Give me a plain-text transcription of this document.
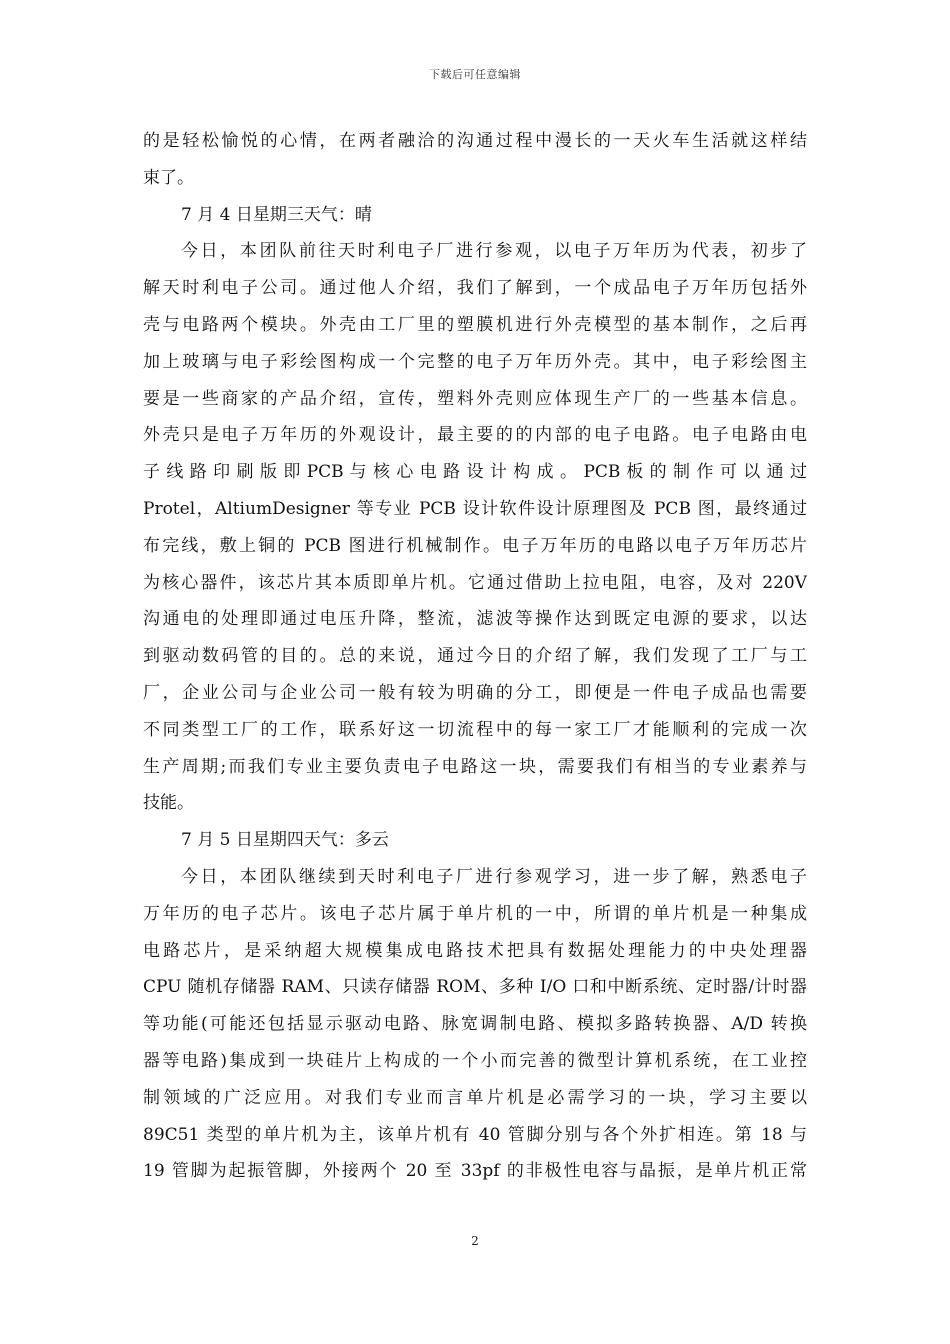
下载后可任意编辑
的是轻松愉悦的心情，在两者融洽的沟通过程中漫长的一天火车生活就这样结
束了。
7 月 4 日星期三天气：晴
今日，本团队前往天时利电子厂进行参观，以电子万年历为代表，初步了
解天时利电子公司。通过他人介绍，我们了解到，一个成品电子万年历包括外
壳与电路两个模块。外壳由工厂里的塑膜机进行外壳模型的基本制作，之后再
加上玻璃与电子彩绘图构成一个完整的电子万年历外壳。其中，电子彩绘图主
要是一些商家的产品介绍，宣传，塑料外壳则应体现生产厂的一些基本信息。
外壳只是电子万年历的外观设计，最主要的的内部的电子电路。电子电路由电
子 线 路 印 刷 版 即 PCB 与 核 心 电 路 设 计 构 成 。 PCB 板 的 制 作 可 以 通 过
Protel，AltiumDesigner 等专业 PCB 设计软件设计原理图及 PCB 图，最终通过
布完线，敷上铜的 PCB 图进行机械制作。电子万年历的电路以电子万年历芯片
为核心器件，该芯片其本质即单片机。它通过借助上拉电阻，电容，及对 220V
沟通电的处理即通过电压升降，整流，滤波等操作达到既定电源的要求，以达
到驱动数码管的目的。总的来说，通过今日的介绍了解，我们发现了工厂与工
厂，企业公司与企业公司一般有较为明确的分工，即便是一件电子成品也需要
不同类型工厂的工作，联系好这一切流程中的每一家工厂才能顺利的完成一次
生产周期;而我们专业主要负责电子电路这一块，需要我们有相当的专业素养与
技能。
7 月 5 日星期四天气：多云
今日，本团队继续到天时利电子厂进行参观学习，进一步了解，熟悉电子
万年历的电子芯片。该电子芯片属于单片机的一中，所谓的单片机是一种集成
电路芯片，是采纳超大规模集成电路技术把具有数据处理能力的中央处理器
CPU 随机存储器 RAM、只读存储器 ROM、多种 I/O 口和中断系统、定时器/计时器
等功能(可能还包括显示驱动电路、脉宽调制电路、模拟多路转换器、A/D 转换
器等电路)集成到一块硅片上构成的一个小而完善的微型计算机系统，在工业控
制领域的广泛应用。对我们专业而言单片机是必需学习的一块，学习主要以
89C51 类型的单片机为主，该单片机有 40 管脚分别与各个外扩相连。第 18 与
19 管脚为起振管脚，外接两个 20 至 33pf 的非极性电容与晶振，是单片机正常
2
